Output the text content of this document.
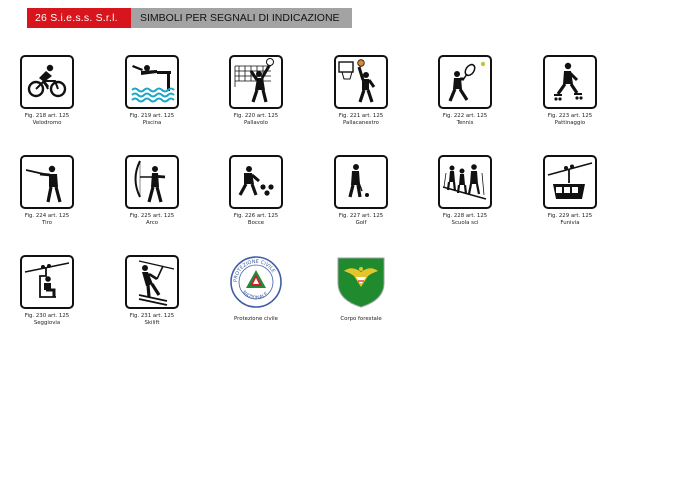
26 S.i.e.s.s. S.r.l.	SIMBOLI PER SEGNALI DI INDICAZIONE
Fig. 218 art. 125
Velodromo
Fig. 219 art. 125
Piscina
Fig. 220 art. 125
Pallavolo
Fig. 221 art. 125
Pallacanestro
Fig. 222 art. 125
Tennis
Fig. 223 art. 125
Pattinaggio
Fig. 224 art. 125
Tiro
Fig. 225 art. 125
Arco
Fig. 226 art. 125
Bocce
Fig. 227 art. 125
Golf
Fig. 228 art. 125
Scuola sci
Fig. 229 art. 125
Funivia
Fig. 230 art. 125
Seggiovia
Fig. 231 art. 125
Skilift
PROTEZIONE CIVILE
NAZIONALE
Protezione civile	Corpo forestale
